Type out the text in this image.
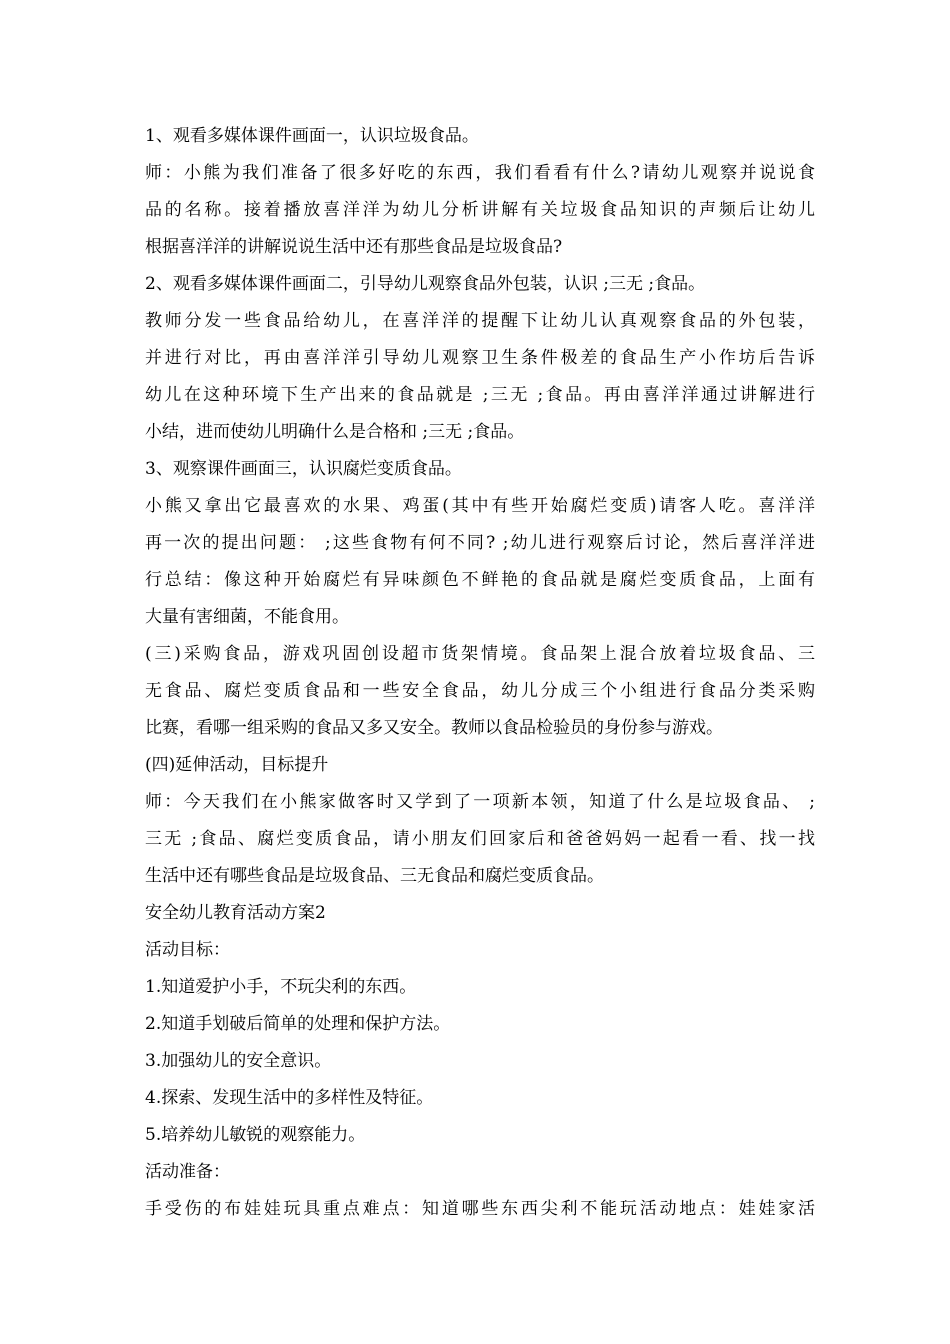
1、观看多媒体课件画面一，认识垃圾食品。
师：小熊为我们准备了很多好吃的东西，我们看看有什么?请幼儿观察并说说食
品的名称。接着播放喜洋洋为幼儿分析讲解有关垃圾食品知识的声频后让幼儿
根据喜洋洋的讲解说说生活中还有那些食品是垃圾食品?
2、观看多媒体课件画面二，引导幼儿观察食品外包装，认识 ;三无 ;食品。
教师分发一些食品给幼儿，在喜洋洋的提醒下让幼儿认真观察食品的外包装，
并进行对比，再由喜洋洋引导幼儿观察卫生条件极差的食品生产小作坊后告诉
幼儿在这种环境下生产出来的食品就是 ;三无 ;食品。再由喜洋洋通过讲解进行
小结，进而使幼儿明确什么是合格和 ;三无 ;食品。
3、观察课件画面三，认识腐烂变质食品。
小熊又拿出它最喜欢的水果、鸡蛋(其中有些开始腐烂变质)请客人吃。喜洋洋
再一次的提出问题： ;这些食物有何不同? ;幼儿进行观察后讨论，然后喜洋洋进
行总结：像这种开始腐烂有异味颜色不鲜艳的食品就是腐烂变质食品，上面有
大量有害细菌，不能食用。
(三)采购食品，游戏巩固创设超市货架情境。食品架上混合放着垃圾食品、三
无食品、腐烂变质食品和一些安全食品，幼儿分成三个小组进行食品分类采购
比赛，看哪一组采购的食品又多又安全。教师以食品检验员的身份参与游戏。
(四)延伸活动，目标提升
师：今天我们在小熊家做客时又学到了一项新本领，知道了什么是垃圾食品、 ;
三无 ;食品、腐烂变质食品，请小朋友们回家后和爸爸妈妈一起看一看、找一找
生活中还有哪些食品是垃圾食品、三无食品和腐烂变质食品。
安全幼儿教育活动方案2
活动目标：
1.知道爱护小手，不玩尖利的东西。
2.知道手划破后简单的处理和保护方法。
3.加强幼儿的安全意识。
4.探索、发现生活中的多样性及特征。
5.培养幼儿敏锐的观察能力。
活动准备：
手受伤的布娃娃玩具重点难点：知道哪些东西尖利不能玩活动地点：娃娃家活
